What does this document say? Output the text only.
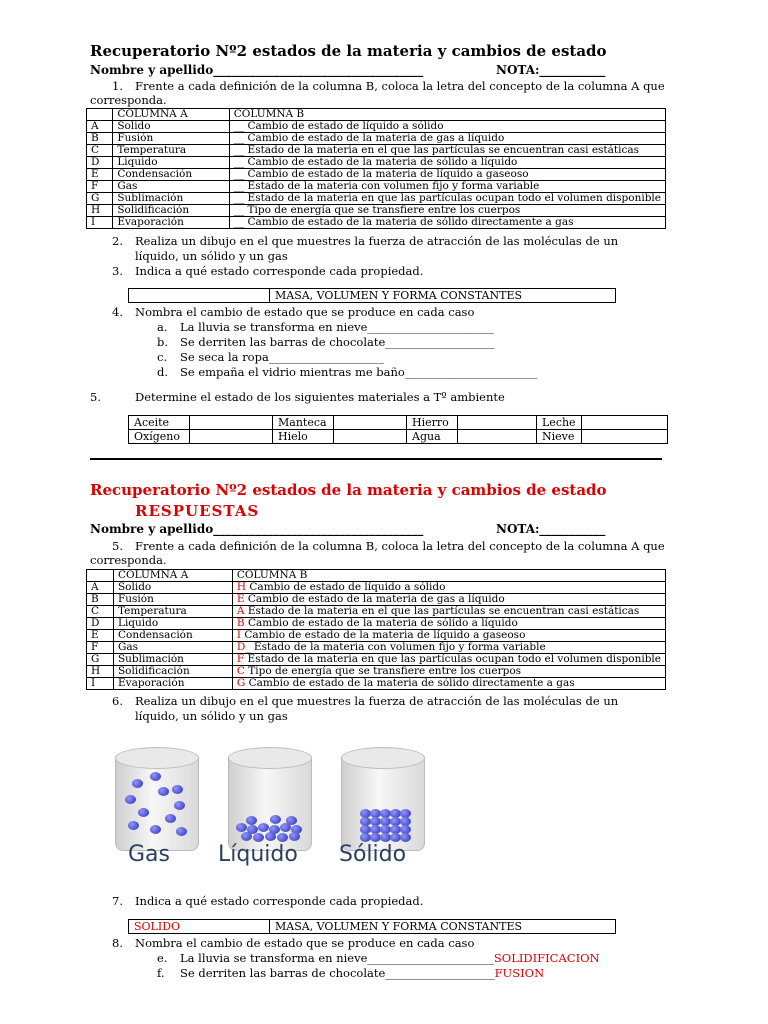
Recuperatorio Nº2 estados de la materia y cambios de estado
Nombre y apellido___________________________________	NOTA:___________
1. Frente a cada definición de la columna B, coloca la letra del concepto de la columna A que
corresponda.
	COLUMNA A	COLUMNA B
A	Solido	__ Cambio de estado de líquido a sólido
B	Fusión	__ Cambio de estado de la materia de gas a líquido
C	Temperatura	__ Estado de la materia en el que las partículas se encuentran casi estáticas
D	Liquido	__ Cambio de estado de la materia de sólido a líquido
E	Condensación	__ Cambio de estado de la materia de líquido a gaseoso
F	Gas	__ Estado de la materia con volumen fijo y forma variable
G	Sublimación	__ Estado de la materia en que las partículas ocupan todo el volumen disponible
H	Solidificación	__ Tipo de energía que se transfiere entre los cuerpos
I	Evaporación	__ Cambio de estado de la materia de sólido directamente a gas
2. Realiza un dibujo en el que muestres la fuerza de atracción de las moléculas de un
líquido, un sólido y un gas
3. Indica a qué estado corresponde cada propiedad.
	MASA, VOLUMEN Y FORMA CONSTANTES
4. Nombra el cambio de estado que se produce en cada caso
a. La lluvia se transforma en nieve______________________
b. Se derriten las barras de chocolate___________________
c. Se seca la ropa____________________
d. Se empaña el vidrio mientras me baño_______________________
5.	Determine el estado de los siguientes materiales a Tº ambiente
Aceite		Manteca		Hierro		Leche	
Oxígeno		Hielo		Agua		Nieve	
Recuperatorio Nº2 estados de la materia y cambios de estado
RESPUESTAS
Nombre y apellido___________________________________	NOTA:___________
5. Frente a cada definición de la columna B, coloca la letra del concepto de la columna A que
corresponda.
	COLUMNA A	COLUMNA B
A	Solido	H Cambio de estado de líquido a sólido
B	Fusión	E Cambio de estado de la materia de gas a líquido
C	Temperatura	A Estado de la materia en el que las partículas se encuentran casi estáticas
D	Liquido	B Cambio de estado de la materia de sólido a líquido
E	Condensación	I Cambio de estado de la materia de líquido a gaseoso
F	Gas	D_ Estado de la materia con volumen fijo y forma variable
G	Sublimación	F Estado de la materia en que las partículas ocupan todo el volumen disponible
H	Solidificación	C Tipo de energía que se transfiere entre los cuerpos
I	Evaporación	G Cambio de estado de la materia de sólido directamente a gas
6. Realiza un dibujo en el que muestres la fuerza de atracción de las moléculas de un
líquido, un sólido y un gas
Gas Líquido Sólido
7. Indica a qué estado corresponde cada propiedad.
SOLIDO	MASA, VOLUMEN Y FORMA CONSTANTES
8. Nombra el cambio de estado que se produce en cada caso
e. La lluvia se transforma en nieve______________________SOLIDIFICACION
f. Se derriten las barras de chocolate___________________FUSION
